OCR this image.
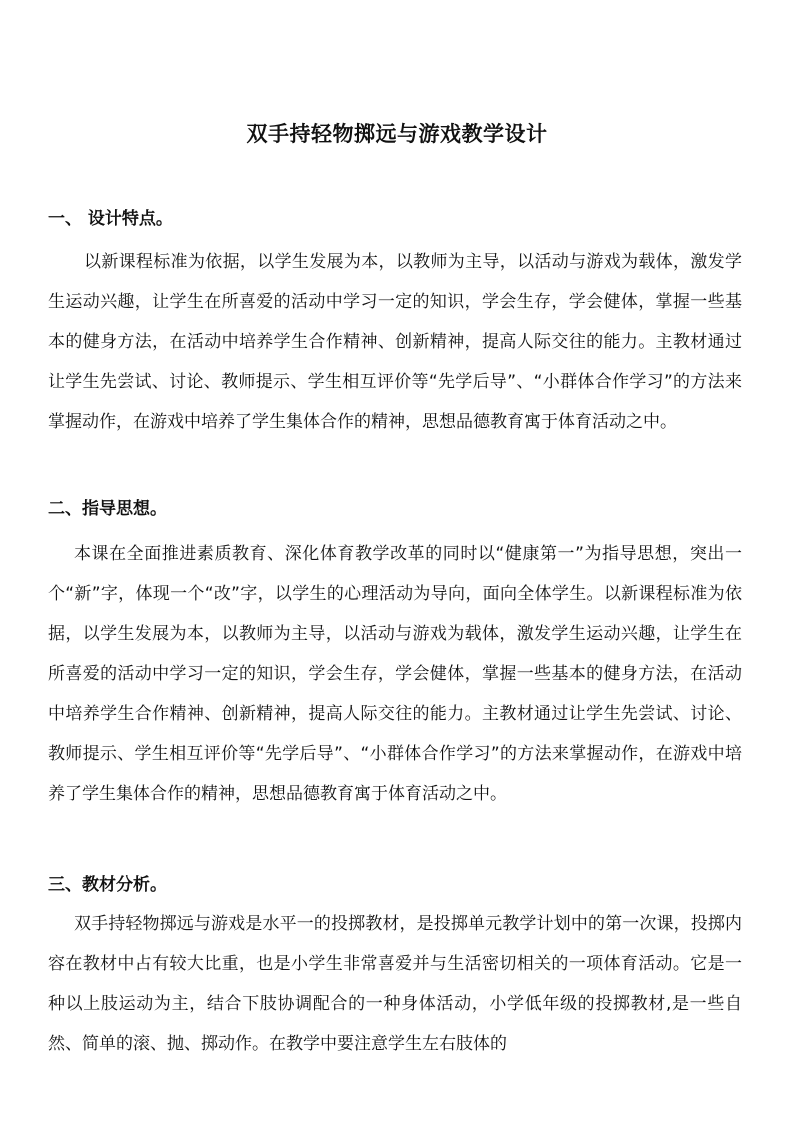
双手持轻物掷远与游戏教学设计
一、 设计特点。

以新课程标准为依据，以学生发展为本，以教师为主导，以活动与游戏为载体，激发学生运动兴趣，让学生在所喜爱的活动中学习一定的知识，学会生存，学会健体，掌握一些基本的健身方法，在活动中培养学生合作精神、创新精神，提高人际交往的能力。主教材通过让学生先尝试、讨论、教师提示、学生相互评价等“先学后导”、“小群体合作学习”的方法来掌握动作，在游戏中培养了学生集体合作的精神，思想品德教育寓于体育活动之中。

二、指导思想。

本课在全面推进素质教育、深化体育教学改革的同时以“健康第一”为指导思想，突出一个“新”字，体现一个“改”字，以学生的心理活动为导向，面向全体学生。以新课程标准为依据，以学生发展为本，以教师为主导，以活动与游戏为载体，激发学生运动兴趣，让学生在所喜爱的活动中学习一定的知识，学会生存，学会健体，掌握一些基本的健身方法，在活动中培养学生合作精神、创新精神，提高人际交往的能力。主教材通过让学生先尝试、讨论、教师提示、学生相互评价等“先学后导”、“小群体合作学习”的方法来掌握动作，在游戏中培养了学生集体合作的精神，思想品德教育寓于体育活动之中。

三、教材分析。

双手持轻物掷远与游戏是水平一的投掷教材，是投掷单元教学计划中的第一次课，投掷内容在教材中占有较大比重，也是小学生非常喜爱并与生活密切相关的一项体育活动。它是一种以上肢运动为主，结合下肢协调配合的一种身体活动，小学低年级的投掷教材,是一些自然、简单的滚、抛、掷动作。在教学中要注意学生左右肢体的
